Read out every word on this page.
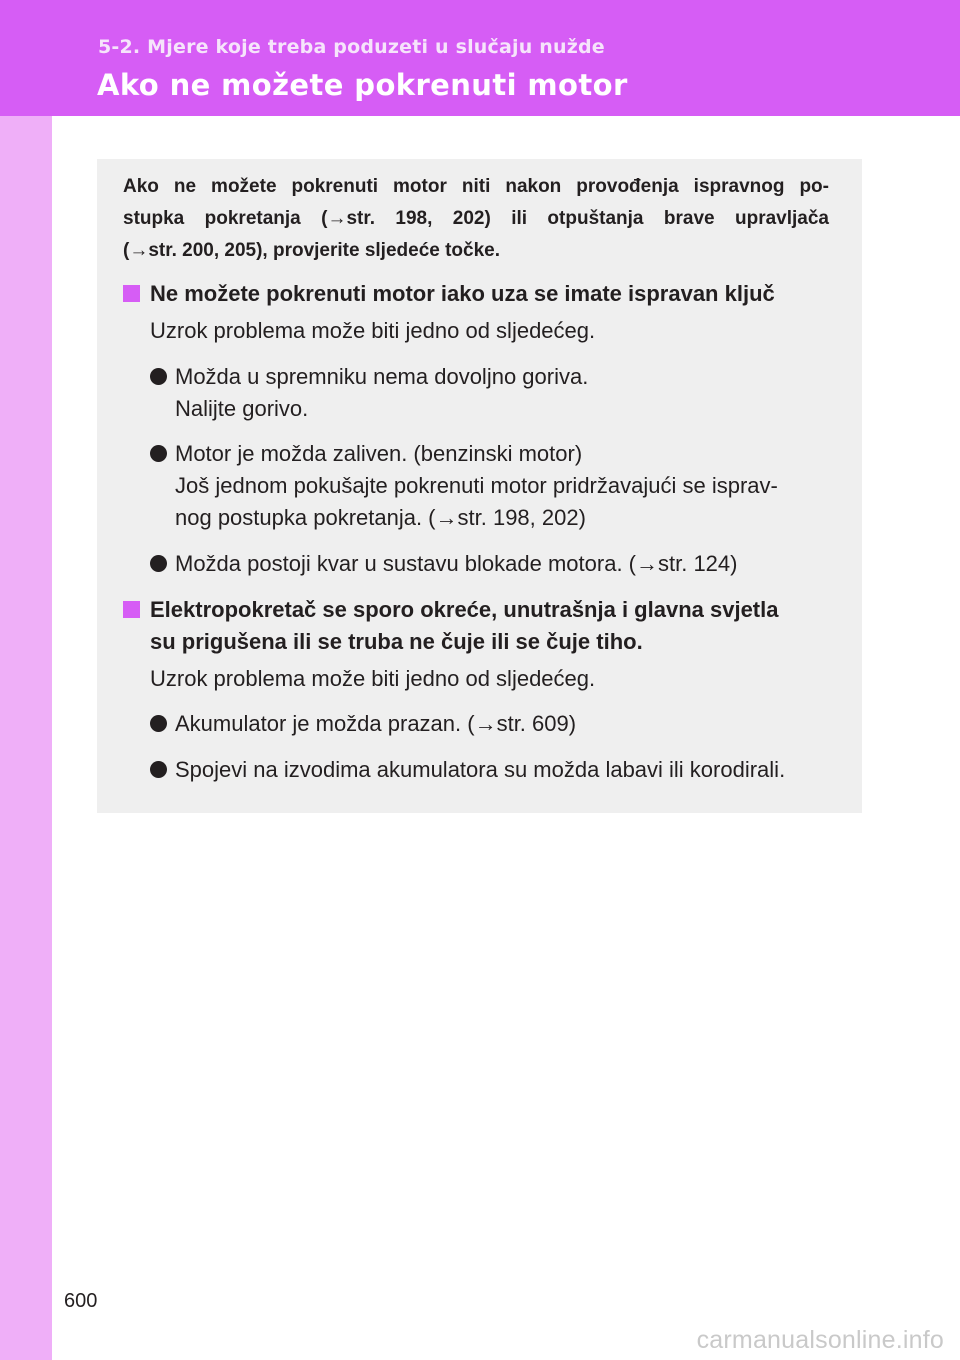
5-2. Mjere koje treba poduzeti u slučaju nužde
Ako ne možete pokrenuti motor
Ako ne možete pokrenuti motor niti nakon provođenja ispravnog po-
stupka pokretanja (→str. 198, 202) ili otpuštanja brave upravljača
(→str. 200, 205), provjerite sljedeće točke.
Ne možete pokrenuti motor iako uza se imate ispravan ključ
Uzrok problema može biti jedno od sljedećeg.
Možda u spremniku nema dovoljno goriva.
Nalijte gorivo.
Motor je možda zaliven. (benzinski motor)
Još jednom pokušajte pokrenuti motor pridržavajući se isprav-
nog postupka pokretanja. (→str. 198, 202)
Možda postoji kvar u sustavu blokade motora. (→str. 124)
Elektropokretač se sporo okreće, unutrašnja i glavna svjetla
su prigušena ili se truba ne čuje ili se čuje tiho.
Uzrok problema može biti jedno od sljedećeg.
Akumulator je možda prazan. (→str. 609)
Spojevi na izvodima akumulatora su možda labavi ili korodirali.
600
carmanualsonline.info
